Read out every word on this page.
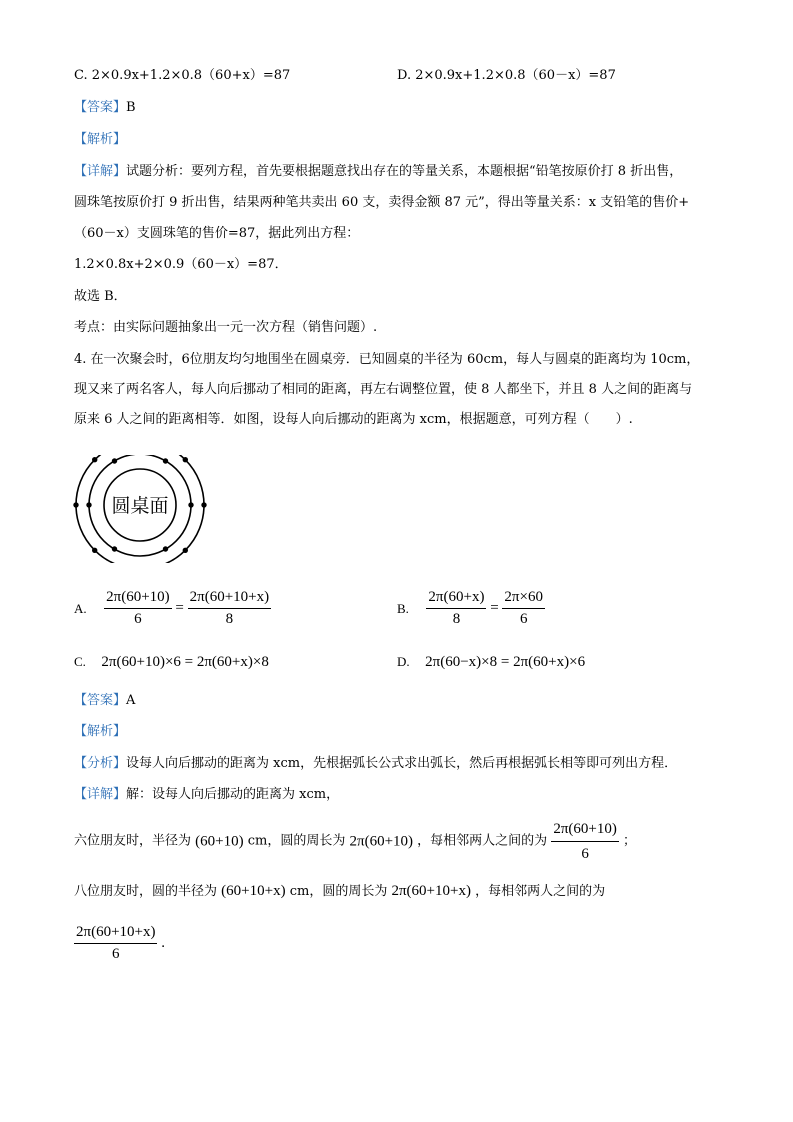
C. 2×0.9x+1.2×0.8（60+x）=87	D. 2×0.9x+1.2×0.8（60－x）=87
【答案】B
【解析】
【详解】试题分析：要列方程，首先要根据题意找出存在的等量关系，本题根据“铅笔按原价打 8 折出售，
圆珠笔按原价打 9 折出售，结果两种笔共卖出 60 支，卖得金额 87 元”，得出等量关系：x 支铅笔的售价+
（60－x）支圆珠笔的售价=87，据此列出方程：
1.2×0.8x+2×0.9（60－x）=87．
故选 B．
考点：由实际问题抽象出一元一次方程（销售问题）.
4. 在一次聚会时，6位朋友均匀地围坐在圆桌旁．已知圆桌的半径为 60cm，每人与圆桌的距离均为 10cm，
现又来了两名客人，每人向后挪动了相同的距离，再左右调整位置，使 8 人都坐下，并且 8 人之间的距离与
原来 6 人之间的距离相等．如图，设每人向后挪动的距离为 xcm，根据题意，可列方程（　　）.
圆桌面
A. $\frac{2\pi(60+10)}{6} = \frac{2\pi(60+10+x)}{8}$	B. $\frac{2\pi(60+x)}{8} = \frac{2\pi\times 60}{6}$
C. 2π(60+10)×6 = 2π(60+x)×8	D. 2π(60−x)×8 = 2π(60+x)×6
【答案】A
【解析】
【分析】设每人向后挪动的距离为 xcm，先根据弧长公式求出弧长，然后再根据弧长相等即可列出方程．
【详解】解：设每人向后挪动的距离为 xcm，
六位朋友时，半径为 (60+10) cm，圆的周长为 2π(60+10) ，每相邻两人之间的为 $\frac{2\pi(60+10)}{6}$ ；
八位朋友时，圆的半径为 (60+10+x) cm，圆的周长为 2π(60+10+x) ，每相邻两人之间的为
$\frac{2\pi(60+10+x)}{6}$ .
